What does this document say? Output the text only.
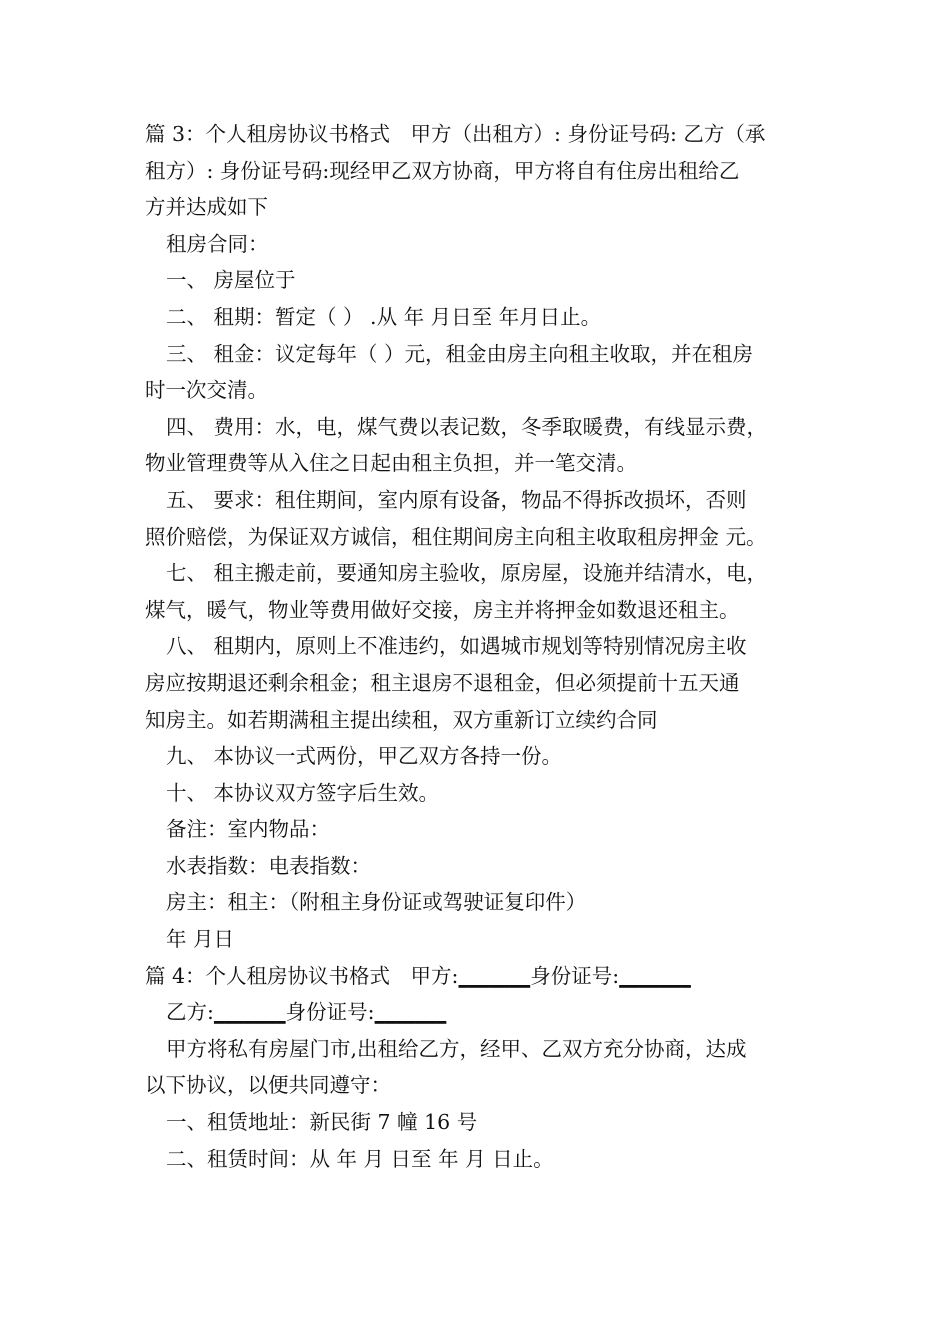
篇 3：个人租房协议书格式　甲方（出租方）: 身份证号码: 乙方（承
租方）: 身份证号码:现经甲乙双方协商，甲方将自有住房出租给乙
方并达成如下
租房合同：
一、 房屋位于
二、 租期：暂定（ ） .从 年 月日至 年月日止。
三、 租金：议定每年（ ）元，租金由房主向租主收取，并在租房
时一次交清。
四、 费用：水，电，煤气费以表记数，冬季取暖费，有线显示费，
物业管理费等从入住之日起由租主负担，并一笔交清。
五、 要求：租住期间，室内原有设备，物品不得拆改损坏，否则
照价赔偿，为保证双方诚信，租住期间房主向租主收取租房押金 元。
七、 租主搬走前，要通知房主验收，原房屋，设施并结清水，电，
煤气，暖气，物业等费用做好交接，房主并将押金如数退还租主。
八、 租期内，原则上不准违约，如遇城市规划等特别情况房主收
房应按期退还剩余租金；租主退房不退租金，但必须提前十五天通
知房主。如若期满租主提出续租，双方重新订立续约合同
九、 本协议一式两份，甲乙双方各持一份。
十、 本协议双方签字后生效。
备注：室内物品：
水表指数：电表指数：
房主：租主：（附租主身份证或驾驶证复印件）
年 月日
篇 4：个人租房协议书格式　甲方:_______身份证号:_______
乙方:_______身份证号:_______
甲方将私有房屋门市,出租给乙方，经甲、乙双方充分协商，达成
以下协议，以便共同遵守：
一、租赁地址：新民街 7 幢 16 号
二、租赁时间：从 年 月 日至 年 月 日止。
